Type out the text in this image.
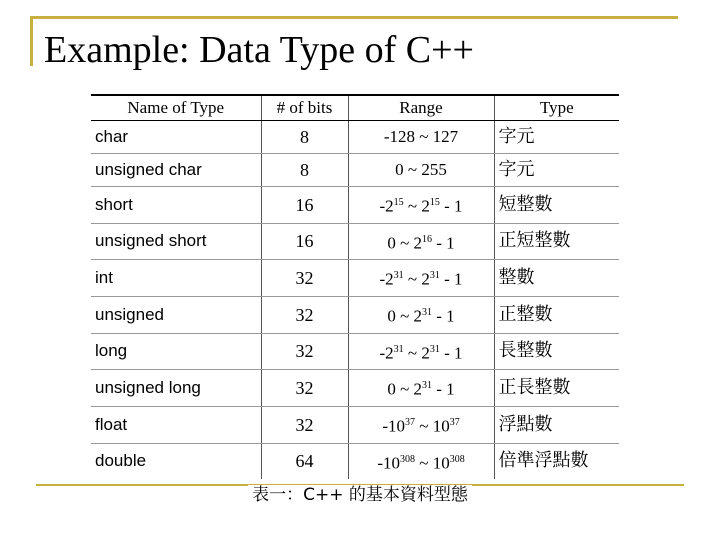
Example: Data Type of C++
Name of Type	# of bits	Range	Type
char	8	-128 ~ 127	字元
unsigned char	8	0 ~ 255	字元
short	16	$-2^{15}$ ~ $2^{15} - 1$	短整數
unsigned short	16	0 ~ $2^{16} - 1$	正短整數
int	32	$-2^{31}$ ~ $2^{31} - 1$	整數
unsigned	32	0 ~ $2^{31} - 1$	正整數
long	32	$-2^{31}$ ~ $2^{31} - 1$	長整數
unsigned long	32	0 ~ $2^{31} - 1$	正長整數
float	32	$-10^{37}$ ~ $10^{37}$	浮點數
double	64	$-10^{308}$ ~ $10^{308}$	倍準浮點數
表一：C++ 的基本資料型態
